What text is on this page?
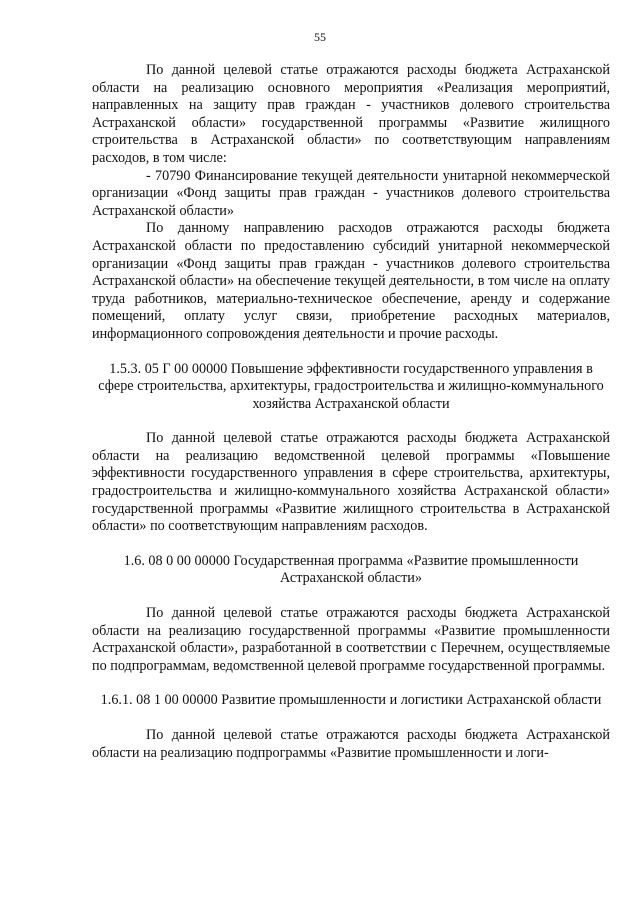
55

По данной целевой статье отражаются расходы бюджета Астраханской области на реализацию основного мероприятия «Реализация мероприятий, направленных на защиту прав граждан - участников долевого строительства Астраханской области» государственной программы «Развитие жилищного строительства в Астраханской области» по соответствующим направлениям расходов, в том числе:

- 70790 Финансирование текущей деятельности унитарной некоммерческой организации «Фонд защиты прав граждан - участников долевого строительства Астраханской области»

По данному направлению расходов отражаются расходы бюджета Астраханской области по предоставлению субсидий унитарной некоммерческой организации «Фонд защиты прав граждан - участников долевого строительства Астраханской области» на обеспечение текущей деятельности, в том числе на оплату труда работников, материально-техническое обеспечение, аренду и содержание помещений, оплату услуг связи, приобретение расходных материалов, информационного сопровождения деятельности и прочие расходы.

1.5.3. 05 Г 00 00000 Повышение эффективности государственного управления в сфере строительства, архитектуры, градостроительства и жилищно-коммунального хозяйства Астраханской области

По данной целевой статье отражаются расходы бюджета Астраханской области на реализацию ведомственной целевой программы «Повышение эффективности государственного управления в сфере строительства, архитектуры, градостроительства и жилищно-коммунального хозяйства Астраханской области» государственной программы «Развитие жилищного строительства в Астраханской области» по соответствующим направлениям расходов.

1.6. 08 0 00 00000 Государственная программа «Развитие промышленности Астраханской области»

По данной целевой статье отражаются расходы бюджета Астраханской области на реализацию государственной программы «Развитие промышленности Астраханской области», разработанной в соответствии с Перечнем, осуществляемые по подпрограммам, ведомственной целевой программе государственной программы.

1.6.1. 08 1 00 00000 Развитие промышленности и логистики Астраханской области

По данной целевой статье отражаются расходы бюджета Астраханской области на реализацию подпрограммы «Развитие промышленности и логи-
